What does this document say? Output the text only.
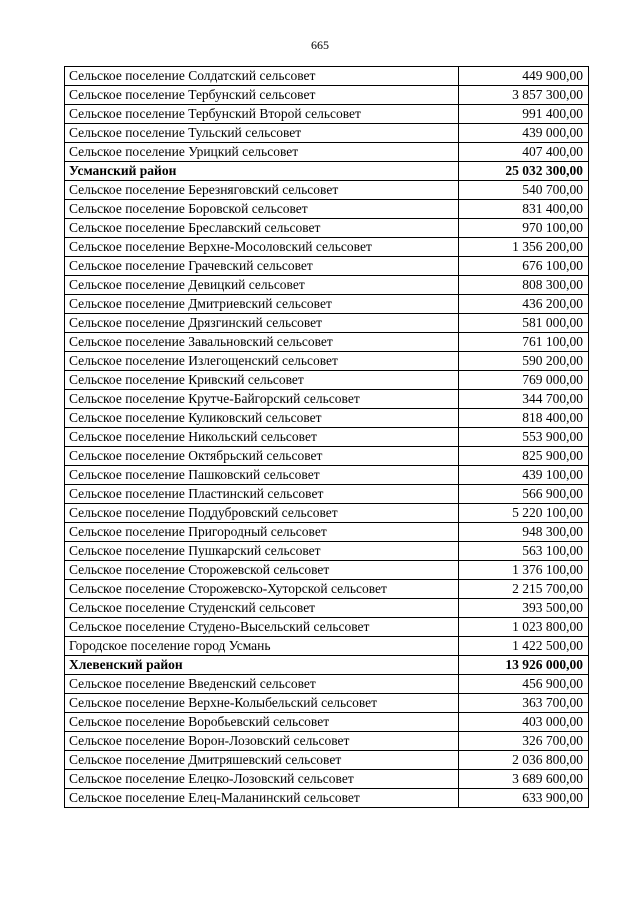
665
Сельское поселение Солдатский сельсовет	449 900,00
Сельское поселение Тербунский сельсовет	3 857 300,00
Сельское поселение Тербунский Второй сельсовет	991 400,00
Сельское поселение Тульский сельсовет	439 000,00
Сельское поселение Урицкий сельсовет	407 400,00
Усманский район	25 032 300,00
Сельское поселение Березняговский сельсовет	540 700,00
Сельское поселение Боровской сельсовет	831 400,00
Сельское поселение Бреславский сельсовет	970 100,00
Сельское поселение Верхне-Мосоловский сельсовет	1 356 200,00
Сельское поселение Грачевский сельсовет	676 100,00
Сельское поселение Девицкий сельсовет	808 300,00
Сельское поселение Дмитриевский сельсовет	436 200,00
Сельское поселение Дрязгинский сельсовет	581 000,00
Сельское поселение Завальновский сельсовет	761 100,00
Сельское поселение Излегощенский сельсовет	590 200,00
Сельское поселение Кривский сельсовет	769 000,00
Сельское поселение Крутче-Байгорский сельсовет	344 700,00
Сельское поселение Куликовский сельсовет	818 400,00
Сельское поселение Никольский сельсовет	553 900,00
Сельское поселение Октябрьский сельсовет	825 900,00
Сельское поселение Пашковский сельсовет	439 100,00
Сельское поселение Пластинский сельсовет	566 900,00
Сельское поселение Поддубровский сельсовет	5 220 100,00
Сельское поселение Пригородный сельсовет	948 300,00
Сельское поселение Пушкарский сельсовет	563 100,00
Сельское поселение Сторожевской сельсовет	1 376 100,00
Сельское поселение Сторожевско-Хуторской сельсовет	2 215 700,00
Сельское поселение Студенский сельсовет	393 500,00
Сельское поселение Студено-Высельский сельсовет	1 023 800,00
Городское поселение город Усмань	1 422 500,00
Хлевенский район	13 926 000,00
Сельское поселение Введенский сельсовет	456 900,00
Сельское поселение Верхне-Колыбельский сельсовет	363 700,00
Сельское поселение Воробьевский сельсовет	403 000,00
Сельское поселение Ворон-Лозовский сельсовет	326 700,00
Сельское поселение Дмитряшевский сельсовет	2 036 800,00
Сельское поселение Елецко-Лозовский сельсовет	3 689 600,00
Сельское поселение Елец-Маланинский сельсовет	633 900,00
